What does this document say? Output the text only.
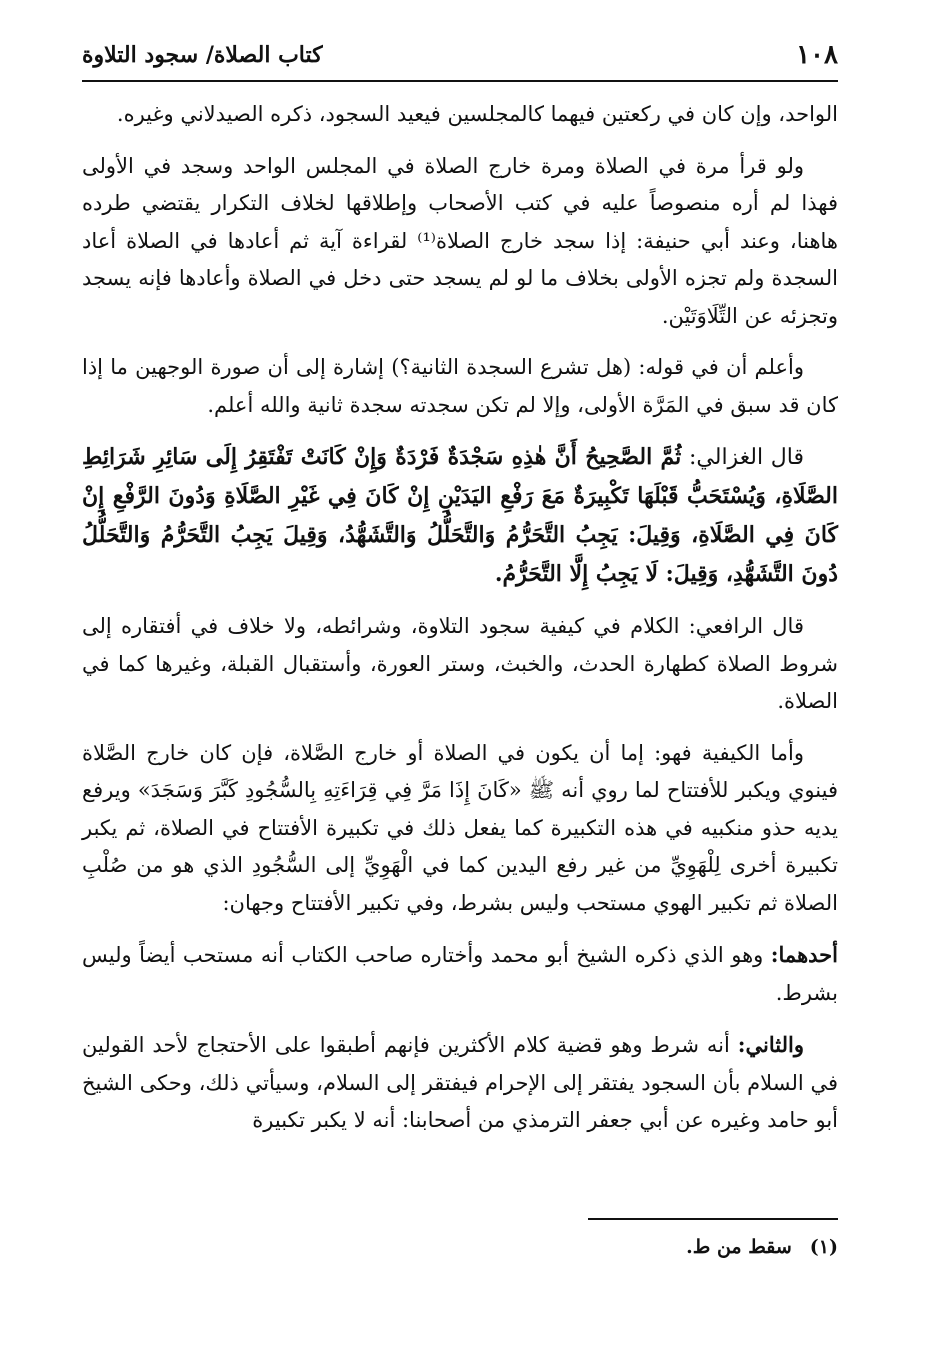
١٠٨
كتاب الصلاة/ سجود التلاوة

الواحد، وإن كان في ركعتين فيهما كالمجلسين فيعيد السجود، ذكره الصيدلاني وغيره.

ولو قرأ مرة في الصلاة ومرة خارج الصلاة في المجلس الواحد وسجد في الأولى فهذا لم أره منصوصاً عليه في كتب الأصحاب وإطلاقها لخلاف التكرار يقتضي طرده هاهنا، وعند أبي حنيفة: إذا سجد خارج الصلاة⁽¹⁾ لقراءة آية ثم أعادها في الصلاة أعاد السجدة ولم تجزه الأولى بخلاف ما لو لم يسجد حتى دخل في الصلاة وأعادها فإنه يسجد وتجزئه عن التِّلَاوَتَيْن.

وأعلم أن في قوله: (هل تشرع السجدة الثانية؟) إشارة إلى أن صورة الوجهين ما إذا كان قد سبق في المَرَّة الأولى، وإلا لم تكن سجدته سجدة ثانية والله أعلم.

قال الغزالي: ثُمَّ الصَّحِيحُ أَنَّ هٰذِهِ سَجْدَةٌ فَرْدَةٌ وَإِنْ كَانَتْ تَفْتَقِرُ إِلَى سَائِرِ شَرَائِطِ الصَّلَاةِ، وَيُسْتَحَبُّ قَبْلَهَا تَكْبِيرَةٌ مَعَ رَفْعِ اليَدَيْنِ إِنْ كَانَ فِي غَيْرِ الصَّلَاةِ وَدُونَ الرَّفْعِ إِنْ كَانَ فِي الصَّلَاةِ، وَقِيلَ: يَجِبُ التَّحَرُّمُ وَالتَّحَلُّلُ وَالتَّشَهُّدُ، وَقِيلَ يَجِبُ التَّحَرُّمُ وَالتَّحَلُّلُ دُونَ التَّشَهُّدِ، وَقِيلَ: لَا يَجِبُ إِلَّا التَّحَرُّمُ.

قال الرافعي: الكلام في كيفية سجود التلاوة، وشرائطه، ولا خلاف في أفتقاره إلى شروط الصلاة كطهارة الحدث، والخبث، وستر العورة، وأستقبال القبلة، وغيرها كما في الصلاة.

وأما الكيفية فهو: إما أن يكون في الصلاة أو خارج الصَّلاة، فإن كان خارج الصَّلاة فينوي ويكبر للأفتتاح لما روي أنه ﷺ «كَانَ إِذَا مَرَّ فِي قِرَاءَتِهِ بِالسُّجُودِ كَبَّرَ وَسَجَدَ» ويرفع يديه حذو منكبيه في هذه التكبيرة كما يفعل ذلك في تكبيرة الأفتتاح في الصلاة، ثم يكبر تكبيرة أخرى لِلْهَوِيِّ من غير رفع اليدين كما في الْهَوِيِّ إلى السُّجُودِ الذي هو من صُلْبِ الصلاة ثم تكبير الهوي مستحب وليس بشرط، وفي تكبير الأفتتاح وجهان:

أحدهما: وهو الذي ذكره الشيخ أبو محمد وأختاره صاحب الكتاب أنه مستحب أيضاً وليس بشرط.

والثاني: أنه شرط وهو قضية كلام الأكثرين فإنهم أطبقوا على الأحتجاج لأحد القولين في السلام بأن السجود يفتقر إلى الإحرام فيفتقر إلى السلام، وسيأتي ذلك، وحكى الشيخ أبو حامد وغيره عن أبي جعفر الترمذي من أصحابنا: أنه لا يكبر تكبيرة

(١)سقط من ط.
